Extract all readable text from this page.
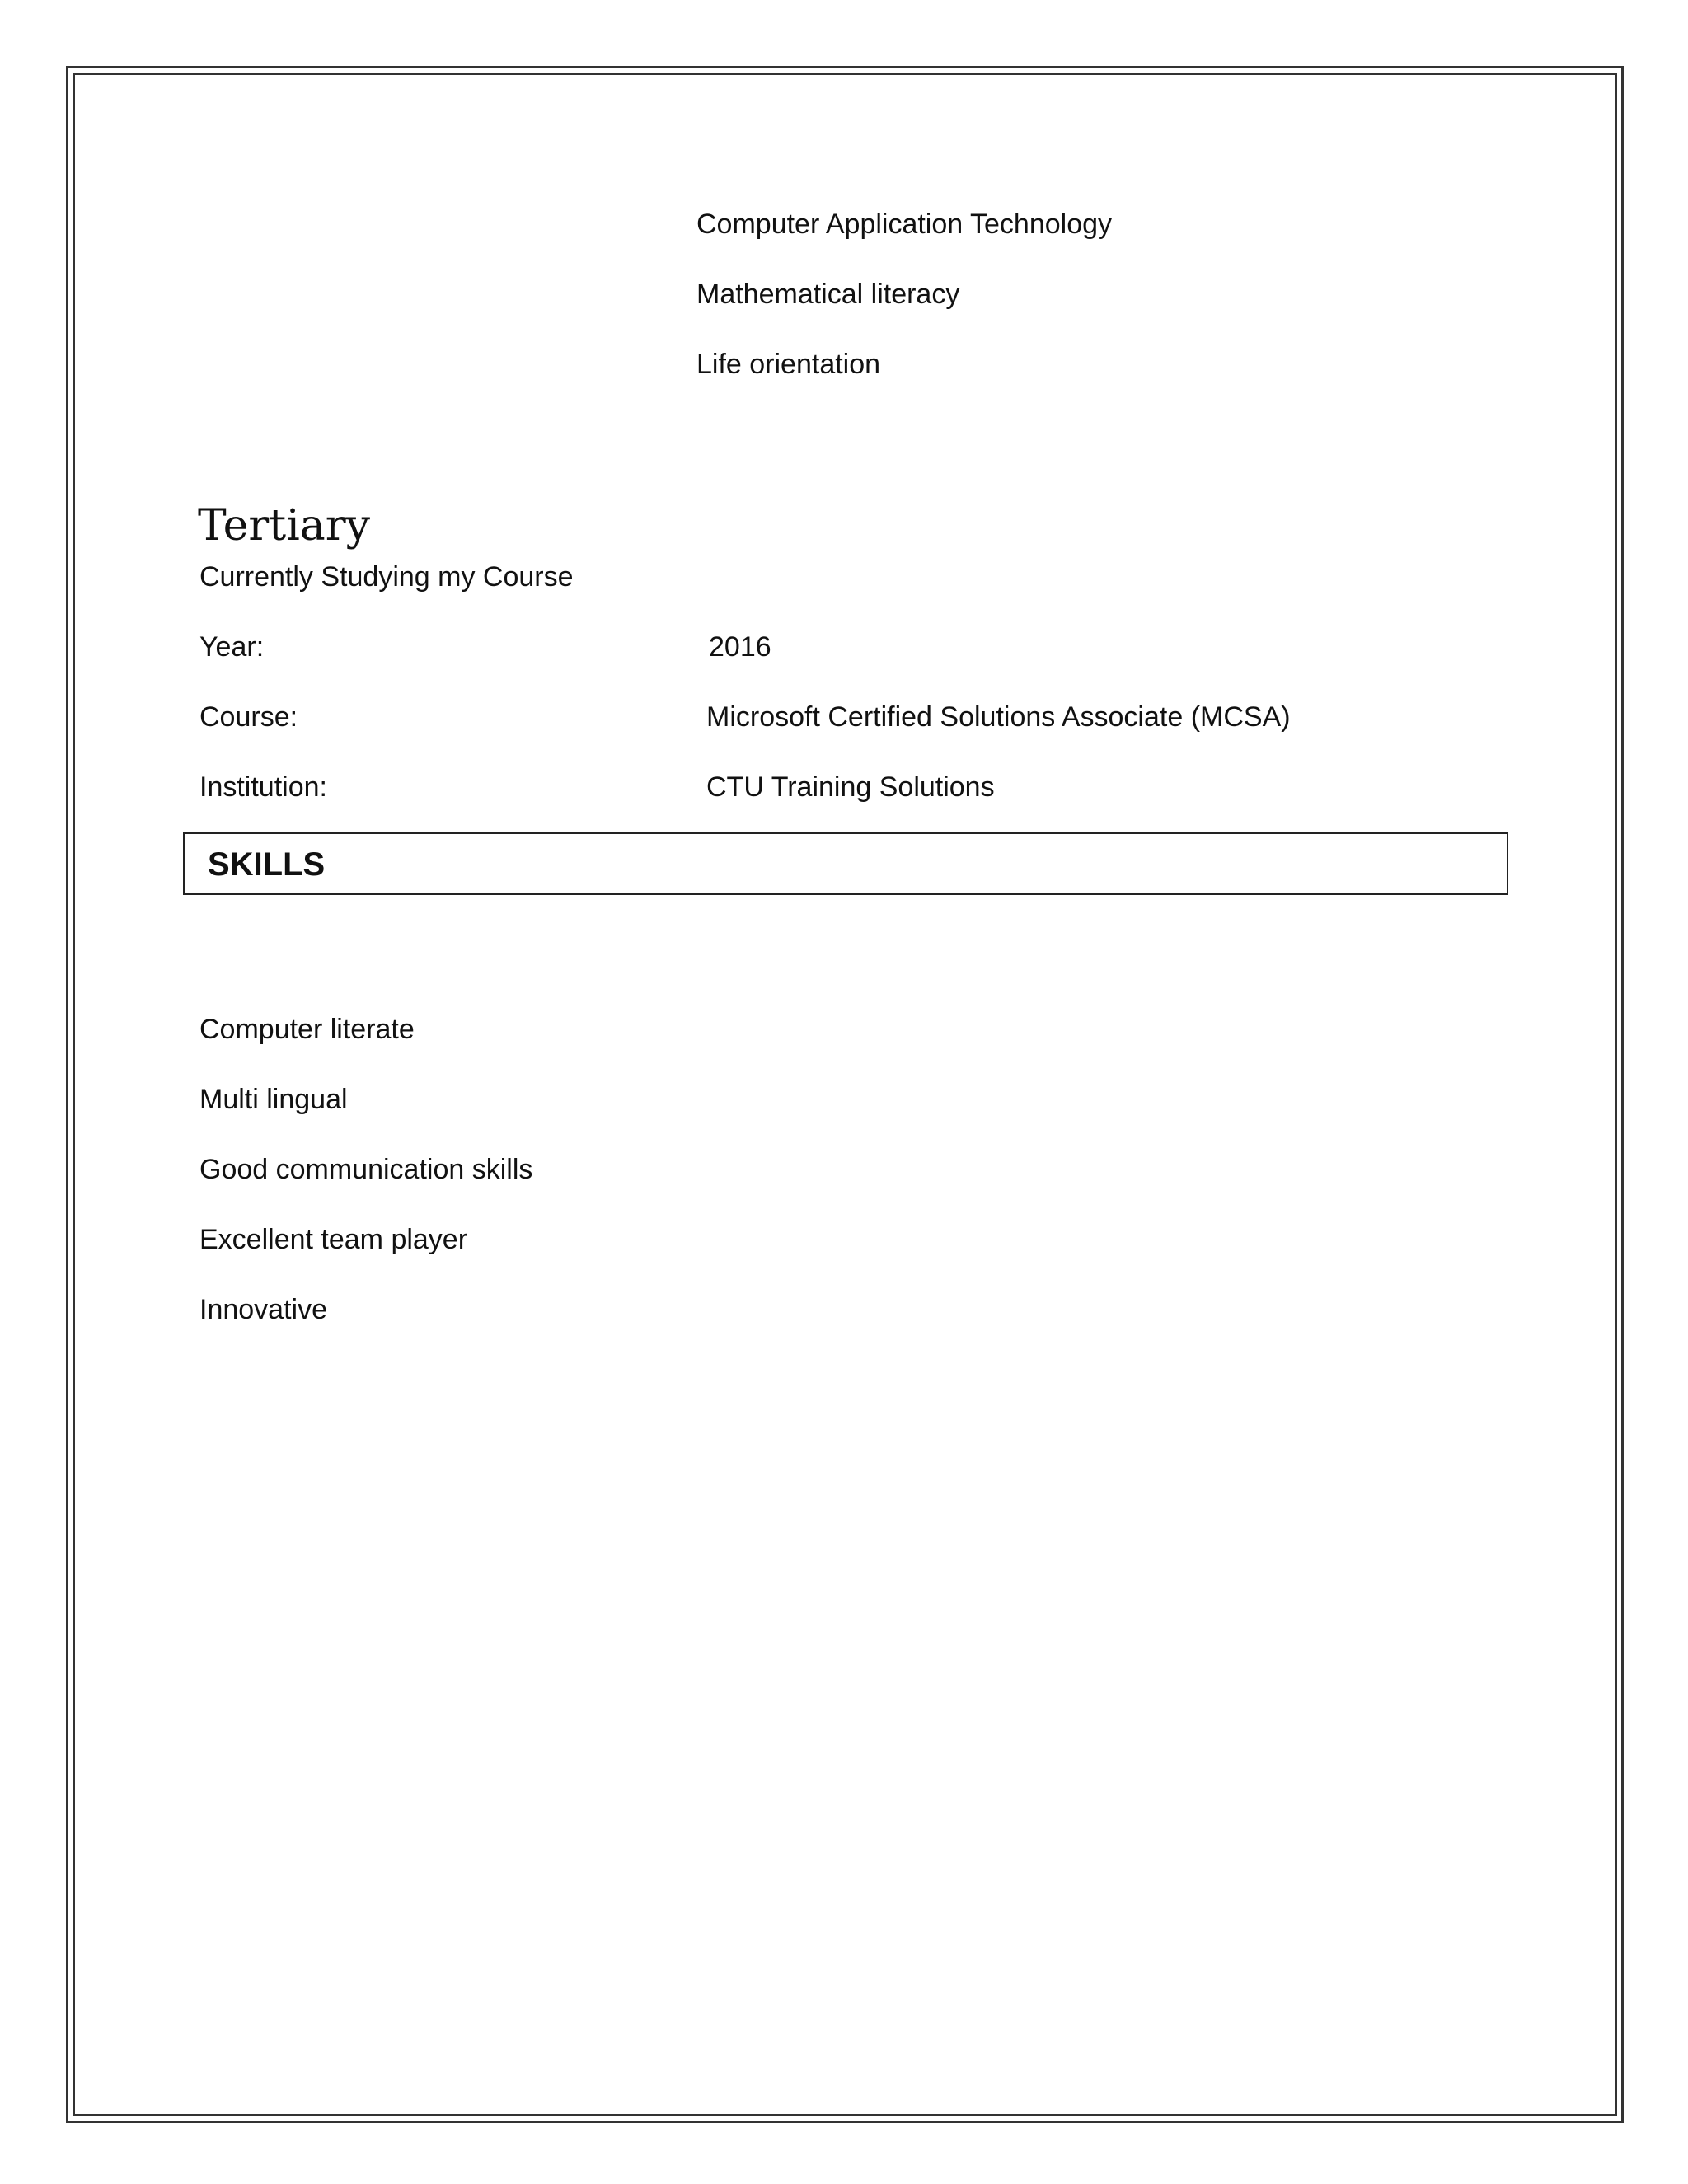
Computer Application Technology

Mathematical literacy

Life orientation

Tertiary

Currently Studying my Course

Year:	2016

Course:	Microsoft Certified Solutions Associate (MCSA)

Institution:	CTU Training Solutions

SKILLS

Computer literate

Multi lingual

Good communication skills

Excellent team player

Innovative
